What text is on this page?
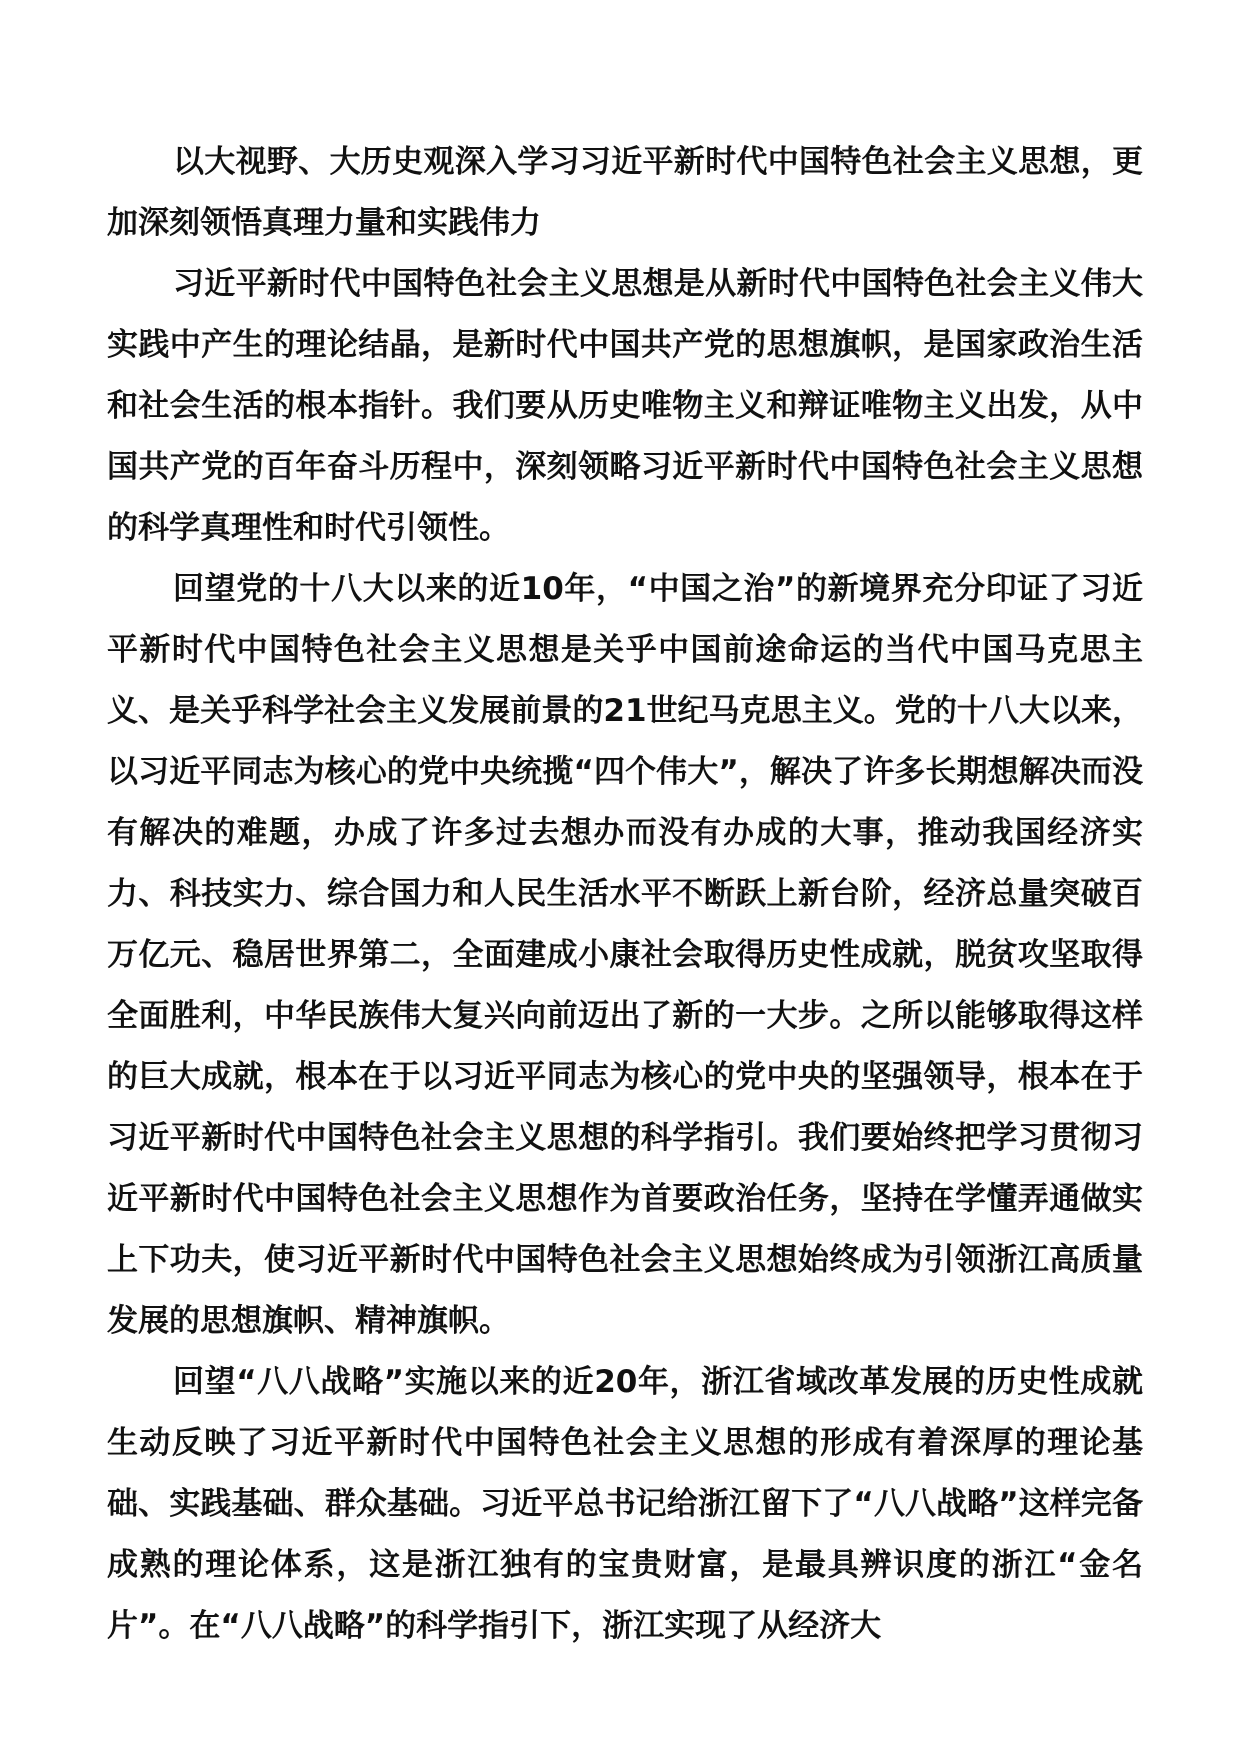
以大视野、大历史观深入学习习近平新时代中国特色社会主义思想，更加深刻领悟真理力量和实践伟力

习近平新时代中国特色社会主义思想是从新时代中国特色社会主义伟大实践中产生的理论结晶，是新时代中国共产党的思想旗帜，是国家政治生活和社会生活的根本指针。我们要从历史唯物主义和辩证唯物主义出发，从中国共产党的百年奋斗历程中，深刻领略习近平新时代中国特色社会主义思想的科学真理性和时代引领性。

回望党的十八大以来的近10年，“中国之治”的新境界充分印证了习近平新时代中国特色社会主义思想是关乎中国前途命运的当代中国马克思主义、是关乎科学社会主义发展前景的21世纪马克思主义。党的十八大以来，以习近平同志为核心的党中央统揽“四个伟大”，解决了许多长期想解决而没有解决的难题，办成了许多过去想办而没有办成的大事，推动我国经济实力、科技实力、综合国力和人民生活水平不断跃上新台阶，经济总量突破百万亿元、稳居世界第二，全面建成小康社会取得历史性成就，脱贫攻坚取得全面胜利，中华民族伟大复兴向前迈出了新的一大步。之所以能够取得这样的巨大成就，根本在于以习近平同志为核心的党中央的坚强领导，根本在于习近平新时代中国特色社会主义思想的科学指引。我们要始终把学习贯彻习近平新时代中国特色社会主义思想作为首要政治任务，坚持在学懂弄通做实上下功夫，使习近平新时代中国特色社会主义思想始终成为引领浙江高质量发展的思想旗帜、精神旗帜。

回望“八八战略”实施以来的近20年，浙江省域改革发展的历史性成就生动反映了习近平新时代中国特色社会主义思想的形成有着深厚的理论基础、实践基础、群众基础。习近平总书记给浙江留下了“八八战略”这样完备成熟的理论体系，这是浙江独有的宝贵财富，是最具辨识度的浙江“金名片”。在“八八战略”的科学指引下，浙江实现了从经济大
